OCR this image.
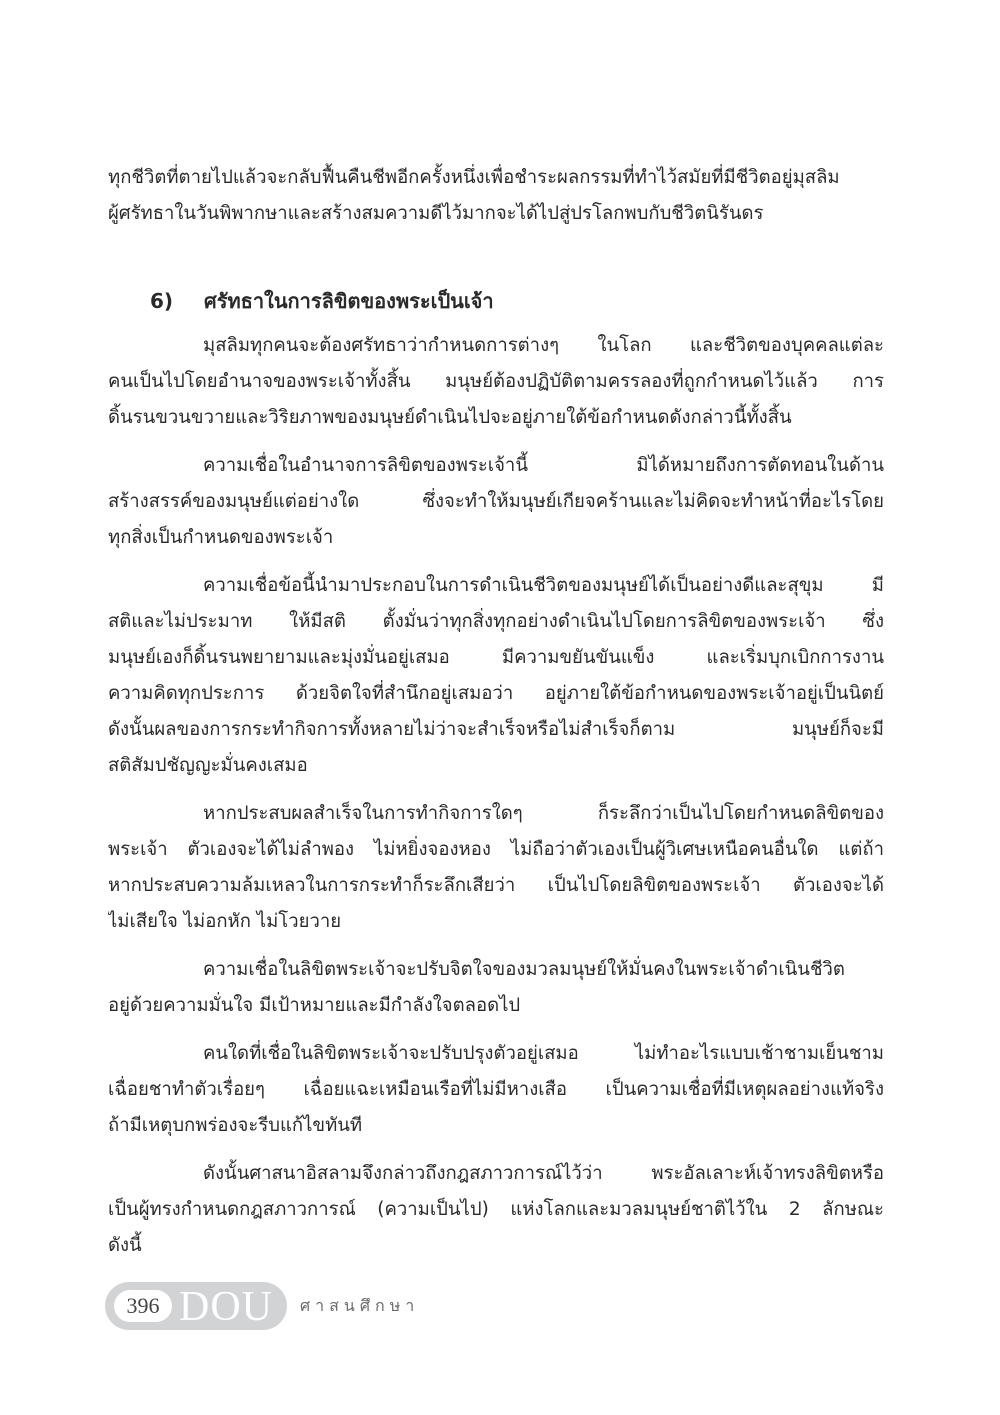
ทุกชีวิตที่ตายไปแล้วจะกลับฟื้นคืนชีพอีกครั้งหนึ่งเพื่อชำระผลกรรมที่ทำไว้สมัยที่มีชีวิตอยู่มุสลิม
ผู้ศรัทธาในวันพิพากษาและสร้างสมความดีไว้มากจะได้ไปสู่ปรโลกพบกับชีวิตนิรันดร
6) ศรัทธาในการลิขิตของพระเป็นเจ้า
มุสลิมทุกคนจะต้องศรัทธาว่ากำหนดการต่างๆ ในโลก และชีวิตของบุคคลแต่ละ
คนเป็นไปโดยอำนาจของพระเจ้าทั้งสิ้น มนุษย์ต้องปฏิบัติตามครรลองที่ถูกกำหนดไว้แล้ว การ
ดิ้นรนขวนขวายและวิริยภาพของมนุษย์ดำเนินไปจะอยู่ภายใต้ข้อกำหนดดังกล่าวนี้ทั้งสิ้น
ความเชื่อในอำนาจการลิขิตของพระเจ้านี้ มิได้หมายถึงการตัดทอนในด้าน
สร้างสรรค์ของมนุษย์แต่อย่างใด ซึ่งจะทำให้มนุษย์เกียจคร้านและไม่คิดจะทำหน้าที่อะไรโดย
ทุกสิ่งเป็นกำหนดของพระเจ้า
ความเชื่อข้อนี้นำมาประกอบในการดำเนินชีวิตของมนุษย์ได้เป็นอย่างดีและสุขุม มี
สติและไม่ประมาท ให้มีสติ ตั้งมั่นว่าทุกสิ่งทุกอย่างดำเนินไปโดยการลิขิตของพระเจ้า ซึ่ง
มนุษย์เองก็ดิ้นรนพยายามและมุ่งมั่นอยู่เสมอ มีความขยันขันแข็ง และเริ่มบุกเบิกการงาน
ความคิดทุกประการ ด้วยจิตใจที่สำนึกอยู่เสมอว่า อยู่ภายใต้ข้อกำหนดของพระเจ้าอยู่เป็นนิตย์
ดังนั้นผลของการกระทำกิจการทั้งหลายไม่ว่าจะสำเร็จหรือไม่สำเร็จก็ตาม มนุษย์ก็จะมี
สติสัมปชัญญะมั่นคงเสมอ
หากประสบผลสำเร็จในการทำกิจการใดๆ ก็ระลึกว่าเป็นไปโดยกำหนดลิขิตของ
พระเจ้า ตัวเองจะได้ไม่ลำพอง ไม่หยิ่งจองหอง ไม่ถือว่าตัวเองเป็นผู้วิเศษเหนือคนอื่นใด แต่ถ้า
หากประสบความล้มเหลวในการกระทำก็ระลึกเสียว่า เป็นไปโดยลิขิตของพระเจ้า ตัวเองจะได้
ไม่เสียใจ ไม่อกหัก ไม่โวยวาย
ความเชื่อในลิขิตพระเจ้าจะปรับจิตใจของมวลมนุษย์ให้มั่นคงในพระเจ้าดำเนินชีวิต
อยู่ด้วยความมั่นใจ มีเป้าหมายและมีกำลังใจตลอดไป
คนใดที่เชื่อในลิขิตพระเจ้าจะปรับปรุงตัวอยู่เสมอ ไม่ทำอะไรแบบเช้าชามเย็นชาม
เฉื่อยชาทำตัวเรื่อยๆ เฉื่อยแฉะเหมือนเรือที่ไม่มีหางเสือ เป็นความเชื่อที่มีเหตุผลอย่างแท้จริง
ถ้ามีเหตุบกพร่องจะรีบแก้ไขทันที
ดังนั้นศาสนาอิสลามจึงกล่าวถึงกฎสภาวการณ์ไว้ว่า พระอัลเลาะห์เจ้าทรงลิขิตหรือ
เป็นผู้ทรงกำหนดกฎสภาวการณ์ (ความเป็นไป) แห่งโลกและมวลมนุษย์ชาติไว้ใน 2 ลักษณะ
ดังนี้
396 DOU ศาสนศึกษา
